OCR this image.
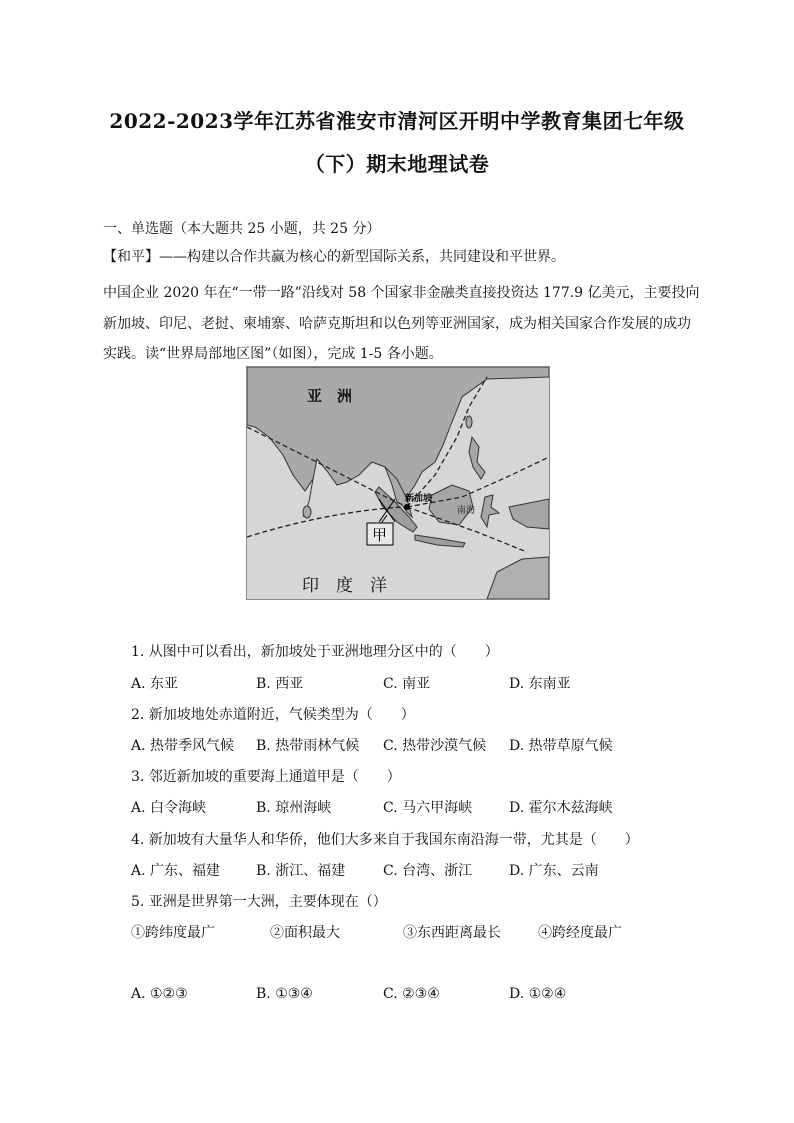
2022-2023学年江苏省淮安市清河区开明中学教育集团七年级
（下）期末地理试卷
一、单选题（本大题共 25 小题，共 25 分）
【和平】——构建以合作共赢为核心的新型国际关系，共同建设和平世界。
中国企业 2020 年在“一带一路”沿线对 58 个国家非金融类直接投资达 177.9 亿美元，主要投向
新加坡、印尼、老挝、柬埔寨、哈萨克斯坦和以色列等亚洲国家，成为相关国家合作发展的成功
实践。读“世界局部地区图”（如图），完成 1-5 各小题。
亚　洲
新加坡
甲
南海
印　度　洋
1. 从图中可以看出，新加坡处于亚洲地理分区中的（　　）
A. 东亚	B. 西亚	C. 南亚	D. 东南亚
2. 新加坡地处赤道附近，气候类型为（　　）
A. 热带季风气候 B. 热带雨林气候 C. 热带沙漠气候 D. 热带草原气候
3. 邻近新加坡的重要海上通道甲是（　　）
A. 白令海峡	B. 琼州海峡	C. 马六甲海峡	D. 霍尔木兹海峡
4. 新加坡有大量华人和华侨，他们大多来自于我国东南沿海一带，尤其是（　　）
A. 广东、福建	B. 浙江、福建	C. 台湾、浙江	D. 广东、云南
5. 亚洲是世界第一大洲，主要体现在（）
①跨纬度最广	②面积最大	③东西距离最长	④跨经度最广
A. ①②③	B. ①③④	C. ②③④	D. ①②④
